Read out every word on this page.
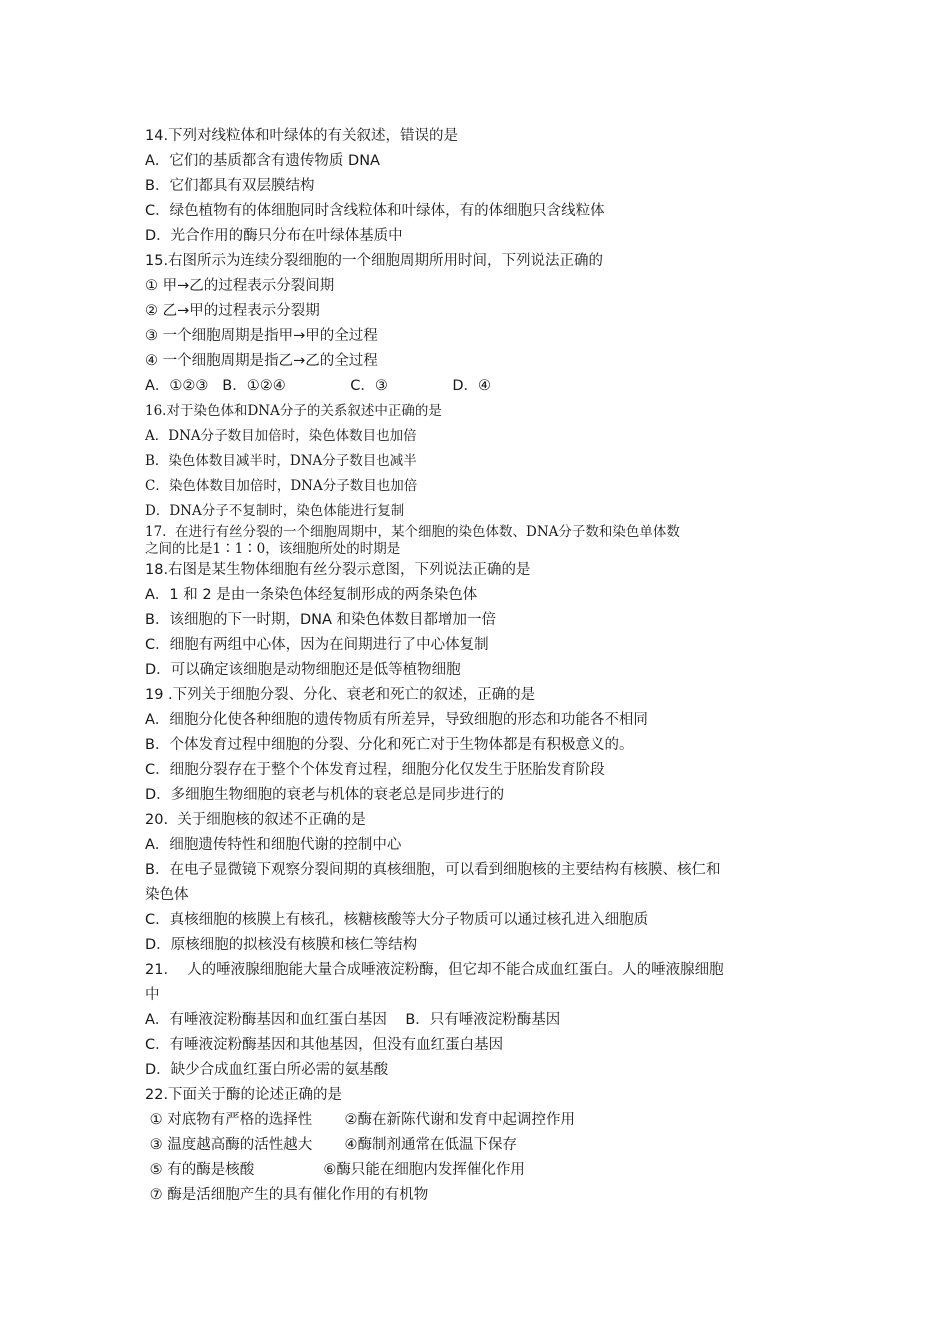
14.下列对线粒体和叶绿体的有关叙述，错误的是
A．它们的基质都含有遗传物质 DNA
B．它们都具有双层膜结构
C．绿色植物有的体细胞同时含线粒体和叶绿体，有的体细胞只含线粒体
D．光合作用的酶只分布在叶绿体基质中
15.右图所示为连续分裂细胞的一个细胞周期所用时间，下列说法正确的
① 甲→乙的过程表示分裂间期
② 乙→甲的过程表示分裂期
③ 一个细胞周期是指甲→甲的全过程
④ 一个细胞周期是指乙→乙的全过程
A．①②③   B．①②④              C．③              D．④
16.对于染色体和DNA分子的关系叙述中正确的是
A．DNA分子数目加倍时，染色体数目也加倍
B．染色体数目减半时，DNA分子数目也减半
C．染色体数目加倍时，DNA分子数目也加倍
D．DNA分子不复制时，染色体能进行复制
17.  在进行有丝分裂的一个细胞周期中，某个细胞的染色体数、DNA分子数和染色单体数
之间的比是1∶1∶0，该细胞所处的时期是
18.右图是某生物体细胞有丝分裂示意图，下列说法正确的是
A．1 和 2 是由一条染色体经复制形成的两条染色体
B．该细胞的下一时期，DNA 和染色体数目都增加一倍
C．细胞有两组中心体，因为在间期进行了中心体复制
D．可以确定该细胞是动物细胞还是低等植物细胞
19 .下列关于细胞分裂、分化、衰老和死亡的叙述，正确的是
A．细胞分化使各种细胞的遗传物质有所差异，导致细胞的形态和功能各不相同
B．个体发育过程中细胞的分裂、分化和死亡对于生物体都是有积极意义的。
C．细胞分裂存在于整个个体发育过程，细胞分化仅发生于胚胎发育阶段
D．多细胞生物细胞的衰老与机体的衰老总是同步进行的
20.  关于细胞核的叙述不正确的是
A．细胞遗传特性和细胞代谢的控制中心
B．在电子显微镜下观察分裂间期的真核细胞，可以看到细胞核的主要结构有核膜、核仁和
染色体
C．真核细胞的核膜上有核孔，核糖核酸等大分子物质可以通过核孔进入细胞质
D．原核细胞的拟核没有核膜和核仁等结构
21．  人的唾液腺细胞能大量合成唾液淀粉酶，但它却不能合成血红蛋白。人的唾液腺细胞
中
A．有唾液淀粉酶基因和血红蛋白基因    B．只有唾液淀粉酶基因
C．有唾液淀粉酶基因和其他基因，但没有血红蛋白基因
D．缺少合成血红蛋白所必需的氨基酸
22.下面关于酶的论述正确的是
① 对底物有严格的选择性       ②酶在新陈代谢和发育中起调控作用
③ 温度越高酶的活性越大       ④酶制剂通常在低温下保存
⑤ 有的酶是核酸               ⑥酶只能在细胞内发挥催化作用
⑦ 酶是活细胞产生的具有催化作用的有机物
